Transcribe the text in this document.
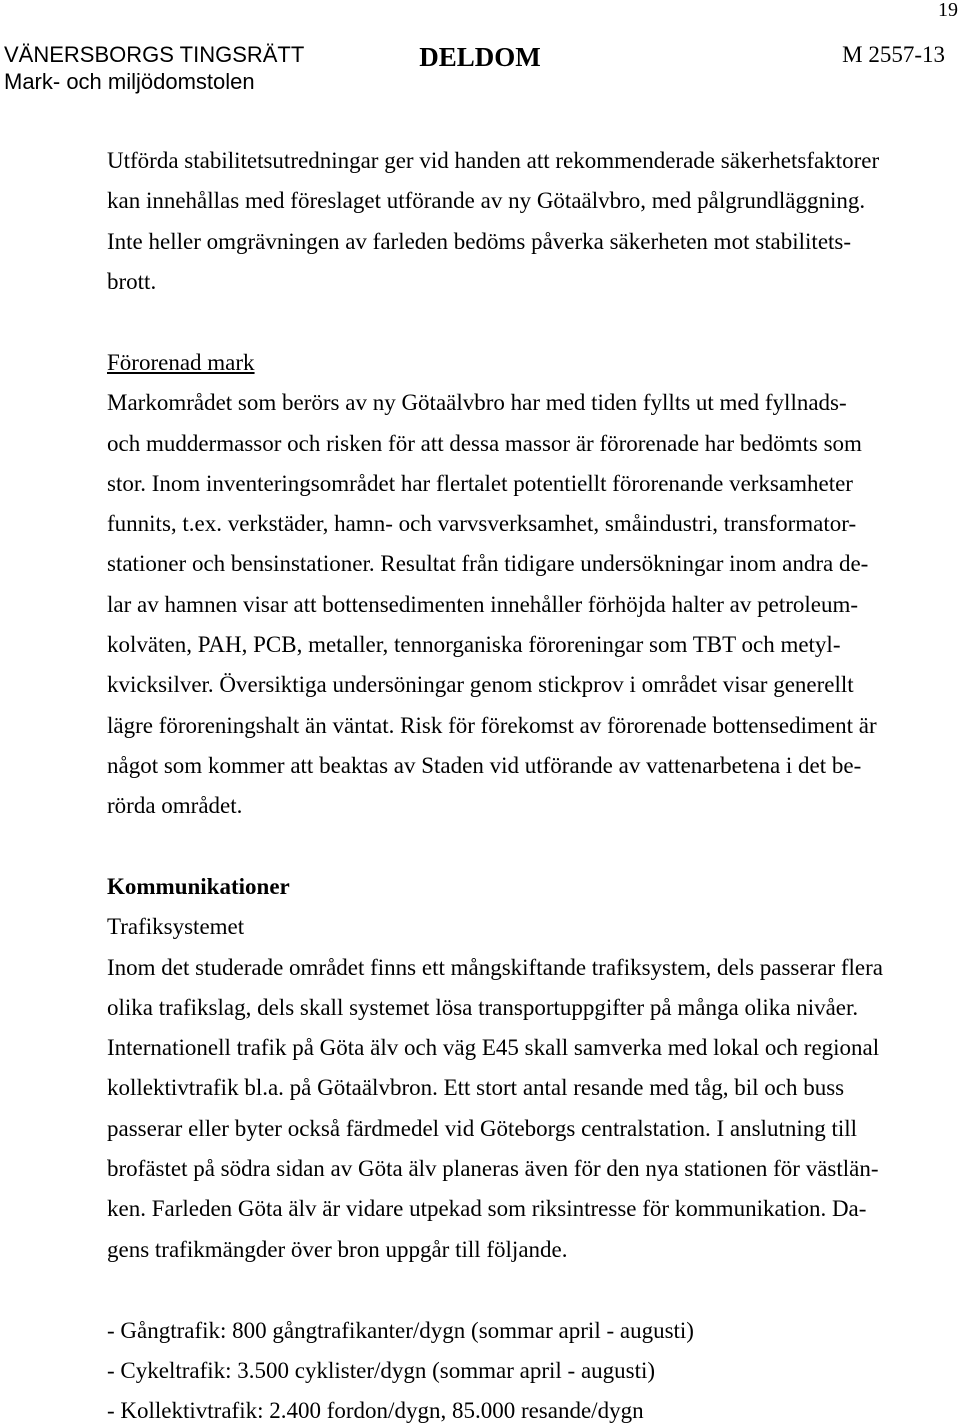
19
VÄNERSBORGS TINGSRÄTT
Mark- och miljödomstolen
DELDOM	M 2557-13
Utförda stabilitetsutredningar ger vid handen att rekommenderade säkerhetsfaktorer
kan innehållas med föreslaget utförande av ny Götaälvbro, med pålgrundläggning.
Inte heller omgrävningen av farleden bedöms påverka säkerheten mot stabilitets-
brott.
Förorenad mark
Markområdet som berörs av ny Götaälvbro har med tiden fyllts ut med fyllnads-
och muddermassor och risken för att dessa massor är förorenade har bedömts som
stor. Inom inventeringsområdet har flertalet potentiellt förorenande verksamheter
funnits, t.ex. verkstäder, hamn- och varvsverksamhet, småindustri, transformator-
stationer och bensinstationer. Resultat från tidigare undersökningar inom andra de-
lar av hamnen visar att bottensedimenten innehåller förhöjda halter av petroleum-
kolväten, PAH, PCB, metaller, tennorganiska föroreningar som TBT och metyl-
kvicksilver. Översiktiga undersöningar genom stickprov i området visar generellt
lägre föroreningshalt än väntat. Risk för förekomst av förorenade bottensediment är
något som kommer att beaktas av Staden vid utförande av vattenarbetena i det be-
rörda området.
Kommunikationer
Trafiksystemet
Inom det studerade området finns ett mångskiftande trafiksystem, dels passerar flera
olika trafikslag, dels skall systemet lösa transportuppgifter på många olika nivåer.
Internationell trafik på Göta älv och väg E45 skall samverka med lokal och regional
kollektivtrafik bl.a. på Götaälvbron. Ett stort antal resande med tåg, bil och buss
passerar eller byter också färdmedel vid Göteborgs centralstation. I anslutning till
brofästet på södra sidan av Göta älv planeras även för den nya stationen för västlän-
ken. Farleden Göta älv är vidare utpekad som riksintresse för kommunikation. Da-
gens trafikmängder över bron uppgår till följande.
- Gångtrafik: 800 gångtrafikanter/dygn (sommar april - augusti)
- Cykeltrafik: 3.500 cyklister/dygn (sommar april - augusti)
- Kollektivtrafik: 2.400 fordon/dygn, 85.000 resande/dygn
